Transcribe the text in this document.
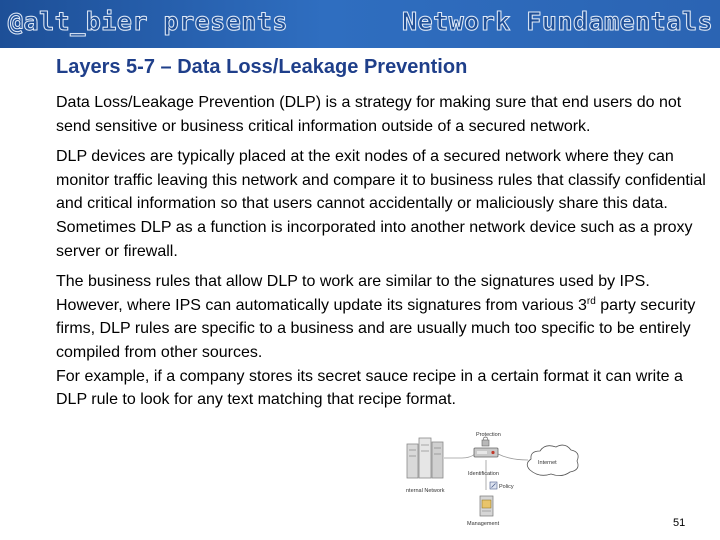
@alt_bier presents	Network Fundamentals
Layers 5-7 – Data Loss/Leakage Prevention

Data Loss/Leakage Prevention (DLP) is a strategy for making sure that end users do not send sensitive or business critical information outside of a secured network.

DLP devices are typically placed at the exit nodes of a secured network where they can monitor traffic leaving this network and compare it to business rules that classify confidential and critical information so that users cannot accidentally or maliciously share this data. Sometimes DLP as a function is incorporated into another network device such as a proxy server or firewall.

The business rules that allow DLP to work are similar to the signatures used by IPS. However, where IPS can automatically update its signatures from various 3rd party security firms, DLP rules are specific to a business and are usually much too specific to be entirely compiled from other sources.

For example, if a company stores its secret sauce recipe in a certain format it can write a DLP rule to look for any text matching that recipe format.

Protection
Internet
Identification
Policy
nternal Network
Management	51
